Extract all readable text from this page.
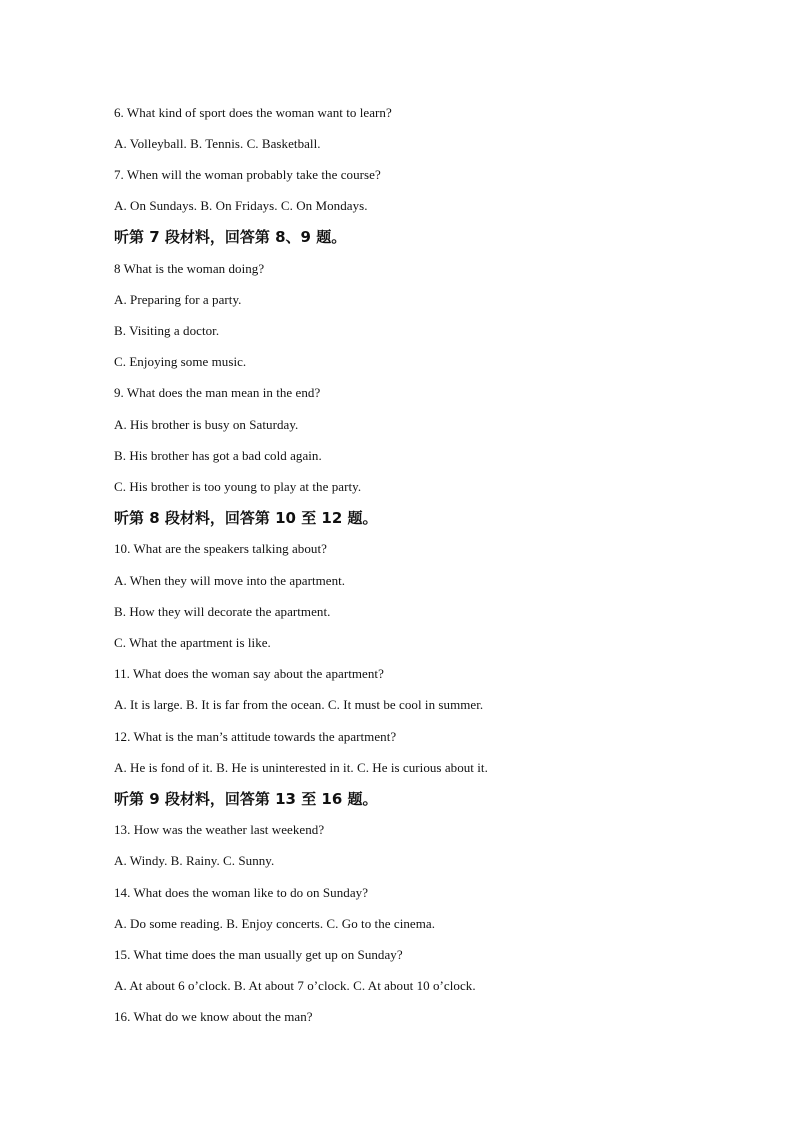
6. What kind of sport does the woman want to learn?
A. Volleyball. B. Tennis. C. Basketball.
7. When will the woman probably take the course?
A. On Sundays. B. On Fridays. C. On Mondays.
听第 7 段材料，回答第 8、9 题。
8 What is the woman doing?
A. Preparing for a party.
B. Visiting a doctor.
C. Enjoying some music.
9. What does the man mean in the end?
A. His brother is busy on Saturday.
B. His brother has got a bad cold again.
C. His brother is too young to play at the party.
听第 8 段材料，回答第 10 至 12 题。
10. What are the speakers talking about?
A. When they will move into the apartment.
B. How they will decorate the apartment.
C. What the apartment is like.
11. What does the woman say about the apartment?
A. It is large. B. It is far from the ocean. C. It must be cool in summer.
12. What is the man’s attitude towards the apartment?
A. He is fond of it. B. He is uninterested in it. C. He is curious about it.
听第 9 段材料，回答第 13 至 16 题。
13. How was the weather last weekend?
A. Windy. B. Rainy. C. Sunny.
14. What does the woman like to do on Sunday?
A. Do some reading. B. Enjoy concerts. C. Go to the cinema.
15. What time does the man usually get up on Sunday?
A. At about 6 o’clock. B. At about 7 o’clock. C. At about 10 o’clock.
16. What do we know about the man?
